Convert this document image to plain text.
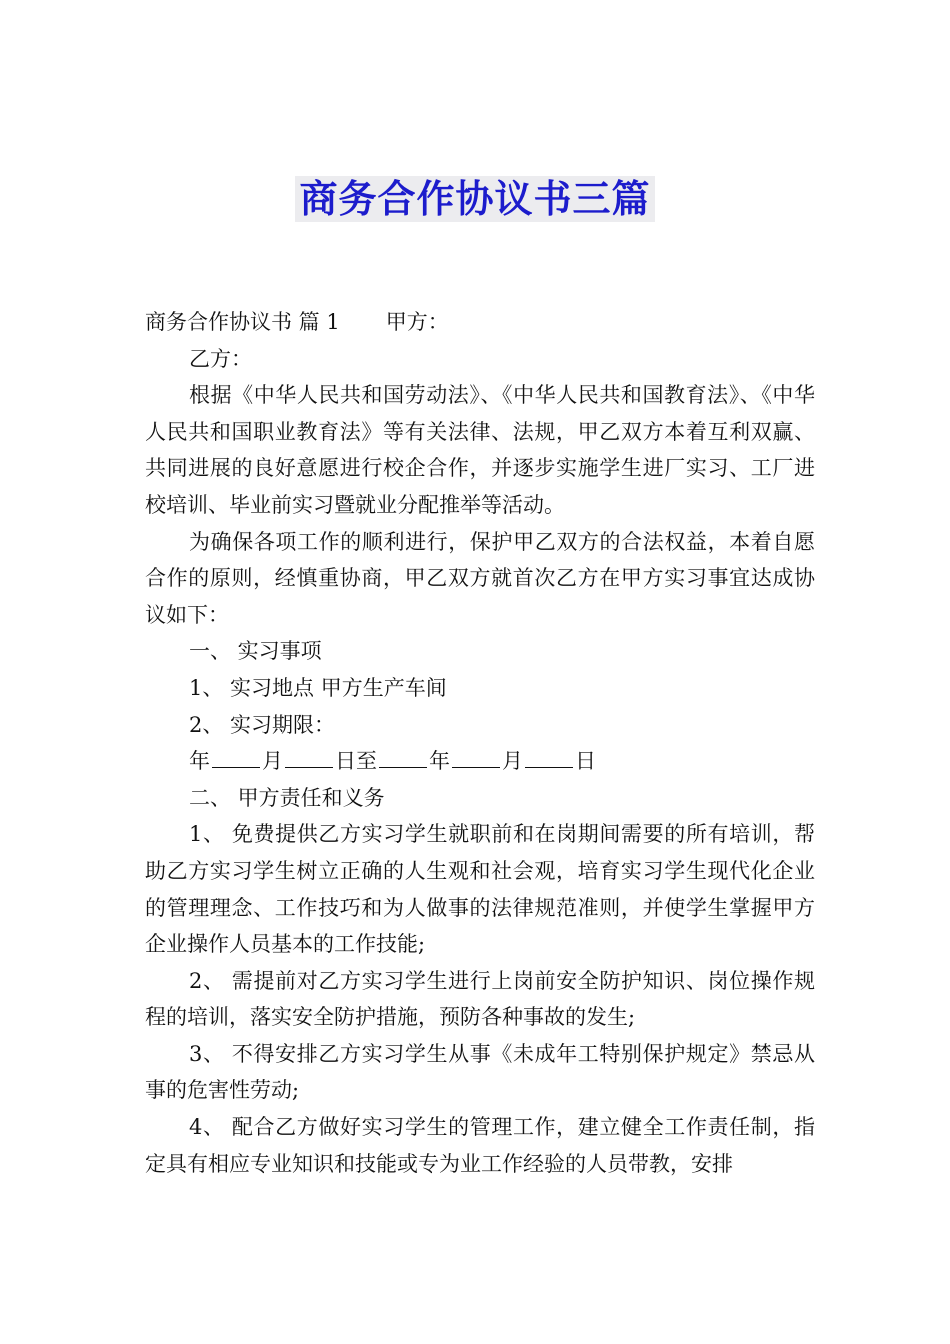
商务合作协议书三篇

商务合作协议书 篇 1 甲方：

乙方：

根据《中华人民共和国劳动法》、《中华人民共和国教育法》、《中华人民共和国职业教育法》等有关法律、法规，甲乙双方本着互利双赢、共同进展的良好意愿进行校企合作，并逐步实施学生进厂实习、工厂进校培训、毕业前实习暨就业分配推举等活动。

为确保各项工作的顺利进行，保护甲乙双方的合法权益，本着自愿合作的原则，经慎重协商，甲乙双方就首次乙方在甲方实习事宜达成协议如下：

一、 实习事项

1、 实习地点 甲方生产车间

2、 实习期限：

年 月 日至 年 月 日

二、 甲方责任和义务

1、 免费提供乙方实习学生就职前和在岗期间需要的所有培训，帮助乙方实习学生树立正确的人生观和社会观，培育实习学生现代化企业的管理理念、工作技巧和为人做事的法律规范准则，并使学生掌握甲方企业操作人员基本的工作技能;

2、 需提前对乙方实习学生进行上岗前安全防护知识、岗位操作规程的培训，落实安全防护措施，预防各种事故的发生;

3、 不得安排乙方实习学生从事《未成年工特别保护规定》禁忌从事的危害性劳动;

4、 配合乙方做好实习学生的管理工作，建立健全工作责任制，指定具有相应专业知识和技能或专为业工作经验的人员带教，安排
